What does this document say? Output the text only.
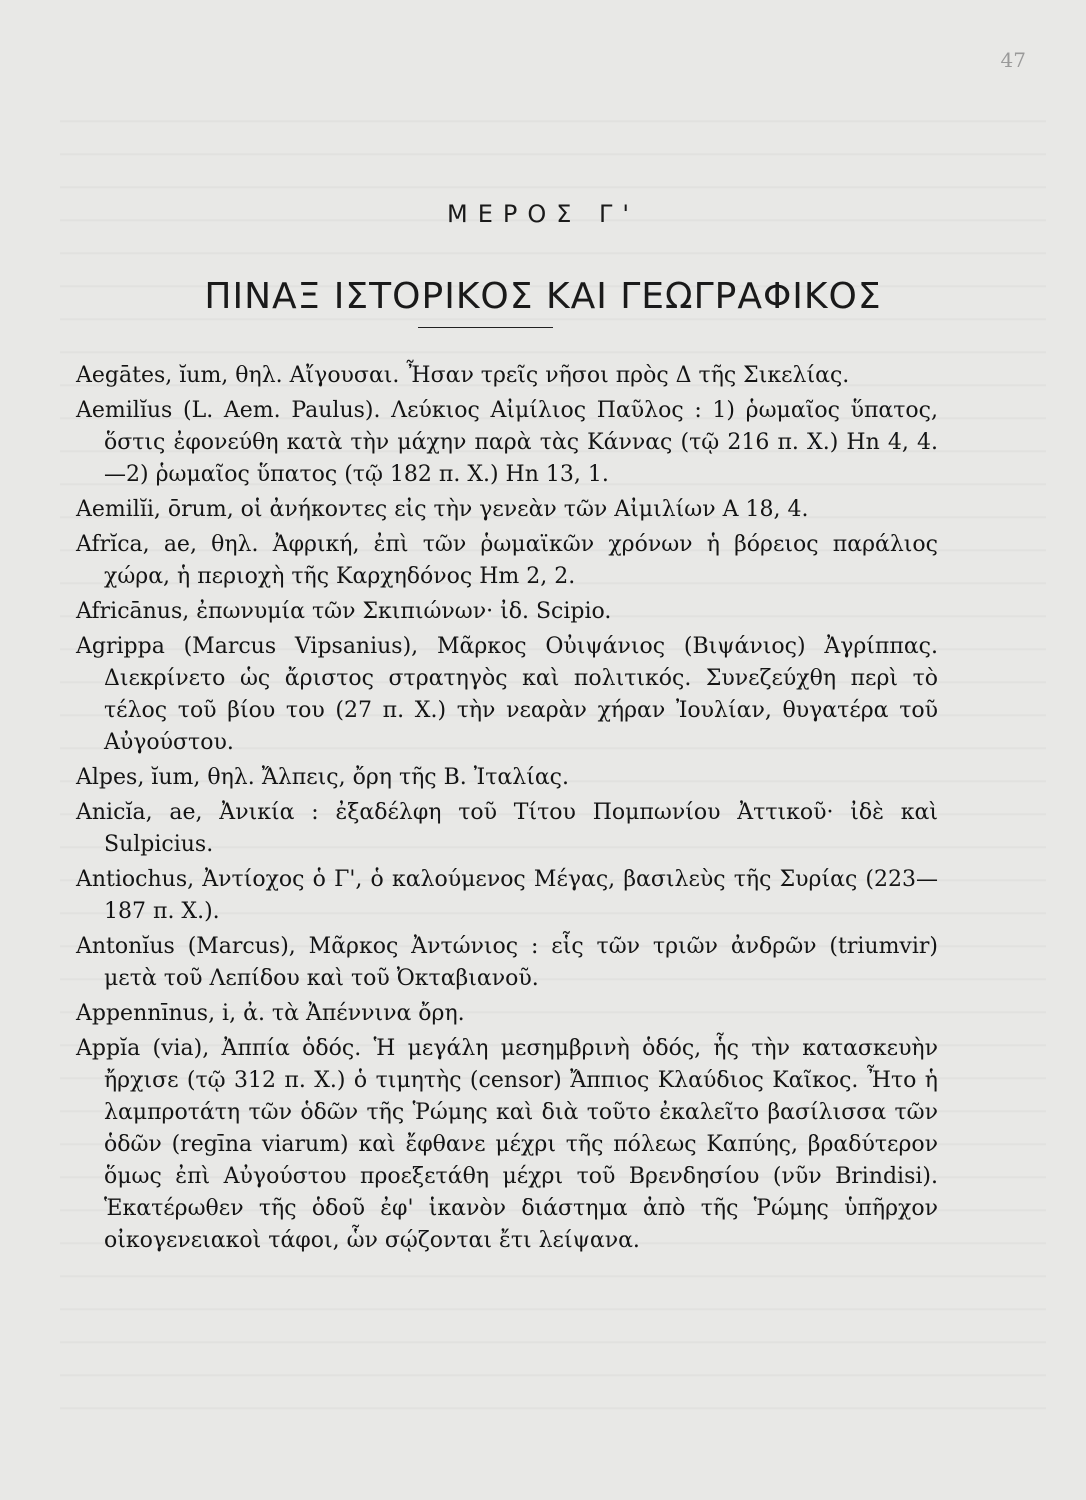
47
ΜΕΡΟΣ Γ'
ΠΙΝΑΞ ΙΣΤΟΡΙΚΟΣ ΚΑΙ ΓΕΩΓΡΑΦΙΚΟΣ

Aegātes, ĭum, θηλ. Αἴγουσαι. Ἦσαν τρεῖς νῆσοι πρὸς Δ τῆς Σικελίας.

Aemilĭus (L. Aem. Paulus). Λεύκιος Αἰμίλιος Παῦλος : 1) ῥωμαῖος ὕπατος, ὅστις ἐφονεύθη κατὰ τὴν μάχην παρὰ τὰς Κάννας (τῷ 216 π. Χ.) Hn 4, 4.—2) ῥωμαῖος ὕπατος (τῷ 182 π. Χ.) Hn 13, 1.

Aemilĭi, ōrum, οἱ ἀνήκοντες εἰς τὴν γενεὰν τῶν Αἰμιλίων A 18, 4.

Afrĭca, ae, θηλ. Ἀφρική, ἐπὶ τῶν ῥωμαϊκῶν χρόνων ἡ βόρειος παράλιος χώρα, ἡ περιοχὴ τῆς Καρχηδόνος Hm 2, 2.

Africānus, ἐπωνυμία τῶν Σκιπιώνων· ἰδ. Scipio.

Agrippa (Marcus Vipsanius), Μᾶρκος Οὐιψάνιος (Βιψάνιος) Ἀγρίππας. Διεκρίνετο ὡς ἄριστος στρατηγὸς καὶ πολιτικός. Συνεζεύχθη περὶ τὸ τέλος τοῦ βίου του (27 π. Χ.) τὴν νεαρὰν χήραν Ἰουλίαν, θυγατέρα τοῦ Αὐγούστου.

Alpes, ĭum, θηλ. Ἄλπεις, ὄρη τῆς Β. Ἰταλίας.

Anicĭa, ae, Ἀνικία : ἐξαδέλφη τοῦ Τίτου Πομπωνίου Ἀττικοῦ· ἰδὲ καὶ Sulpicius.

Antiochus, Ἀντίοχος ὁ Γ', ὁ καλούμενος Μέγας, βασιλεὺς τῆς Συρίας (223—187 π. Χ.).

Antonĭus (Marcus), Μᾶρκος Ἀντώνιος : εἷς τῶν τριῶν ἀνδρῶν (triumvir) μετὰ τοῦ Λεπίδου καὶ τοῦ Ὀκταβιανοῦ.

Appennīnus, i, ἀ. τὰ Ἀπέννινα ὄρη.

Appĭa (via), Ἀππία ὁδός. Ἡ μεγάλη μεσημβρινὴ ὁδός, ἧς τὴν κατασκευὴν ἤρχισε (τῷ 312 π. Χ.) ὁ τιμητὴς (censor) Ἄππιος Κλαύδιος Καῖκος. Ἦτο ἡ λαμπροτάτη τῶν ὁδῶν τῆς Ῥώμης καὶ διὰ τοῦτο ἐκαλεῖτο βασίλισσα τῶν ὁδῶν (regīna viarum) καὶ ἔφθανε μέχρι τῆς πόλεως Καπύης, βραδύτερον ὅμως ἐπὶ Αὐγούστου προεξετάθη μέχρι τοῦ Βρενδησίου (νῦν Brindisi). Ἑκατέρωθεν τῆς ὁδοῦ ἐφ' ἱκανὸν διάστημα ἀπὸ τῆς Ῥώμης ὑπῆρχον οἰκογενειακοὶ τάφοι, ὧν σῴζονται ἔτι λείψανα.
